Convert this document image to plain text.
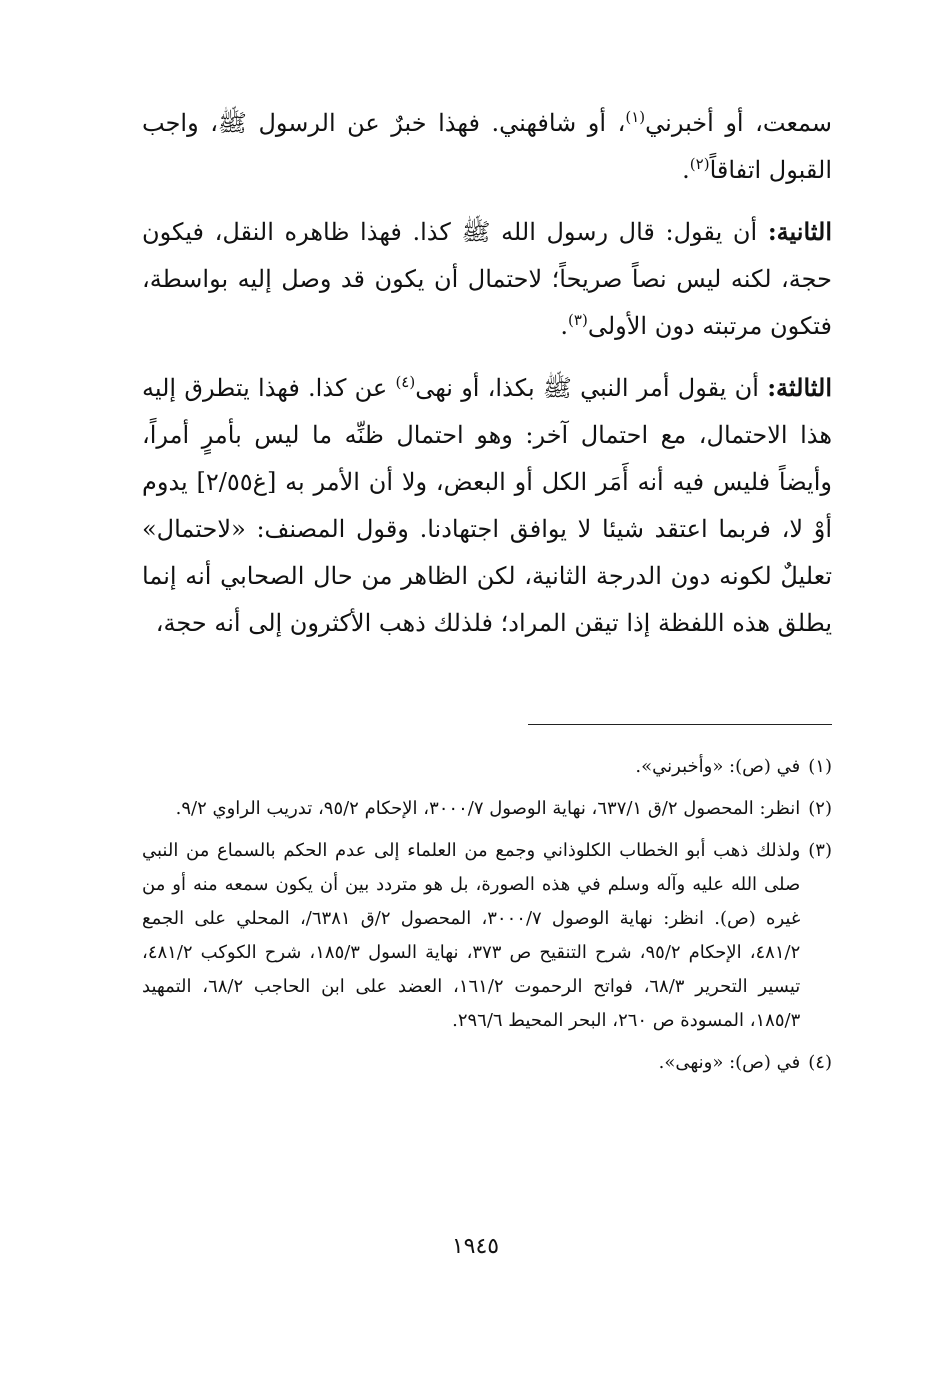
سمعت، أو أخبرني$^{(١)}$، أو شافهني. فهذا خبرٌ عن الرسول ﷺ، واجب القبول اتفاقاً$^{(٢)}$.

الثانية: أن يقول: قال رسول الله ﷺ كذا. فهذا ظاهره النقل، فيكون حجة، لكنه ليس نصاً صريحاً؛ لاحتمال أن يكون قد وصل إليه بواسطة، فتكون مرتبته دون الأولى$^{(٣)}$.

الثالثة: أن يقول أمر النبي ﷺ بكذا، أو نهى$^{(٤)}$ عن كذا. فهذا يتطرق إليه هذا الاحتمال، مع احتمال آخر: وهو احتمال ظنِّه ما ليس بأمرٍ أمراً، وأيضاً فليس فيه أنه أَمَر الكل أو البعض، ولا أن الأمر به [غ٢/٥٥] يدوم أوْ لا، فربما اعتقد شيئا لا يوافق اجتهادنا. وقول المصنف: «لاحتمال» تعليلٌ لكونه دون الدرجة الثانية، لكن الظاهر من حال الصحابي أنه إنما يطلق هذه اللفظة إذا تيقن المراد؛ فلذلك ذهب الأكثرون إلى أنه حجة،

(١)
في (ص): «وأخبرني».
(٢)
انظر: المحصول ٢/ق ٦٣٧/١، نهاية الوصول ٣٠٠٠/٧، الإحكام ٩٥/٢، تدريب الراوي ٩/٢.
(٣)
ولذلك ذهب أبو الخطاب الكلوذاني وجمع من العلماء إلى عدم الحكم بالسماع من النبي صلى الله عليه وآله وسلم في هذه الصورة، بل هو متردد بين أن يكون سمعه منه أو من غيره (ص). انظر: نهاية الوصول ٣٠٠٠/٧، المحصول ٢/ق ٦٣٨١/، المحلي على الجمع ٤٨١/٢، الإحكام ٩٥/٢، شرح التنقيح ص ٣٧٣، نهاية السول ١٨٥/٣، شرح الكوكب ٤٨١/٢، تيسير التحرير ٦٨/٣، فواتح الرحموت ١٦١/٢، العضد على ابن الحاجب ٦٨/٢، التمهيد ١٨٥/٣، المسودة ص ٢٦٠، البحر المحيط ٢٩٦/٦.
(٤)
في (ص): «ونهى».
١٩٤٥
